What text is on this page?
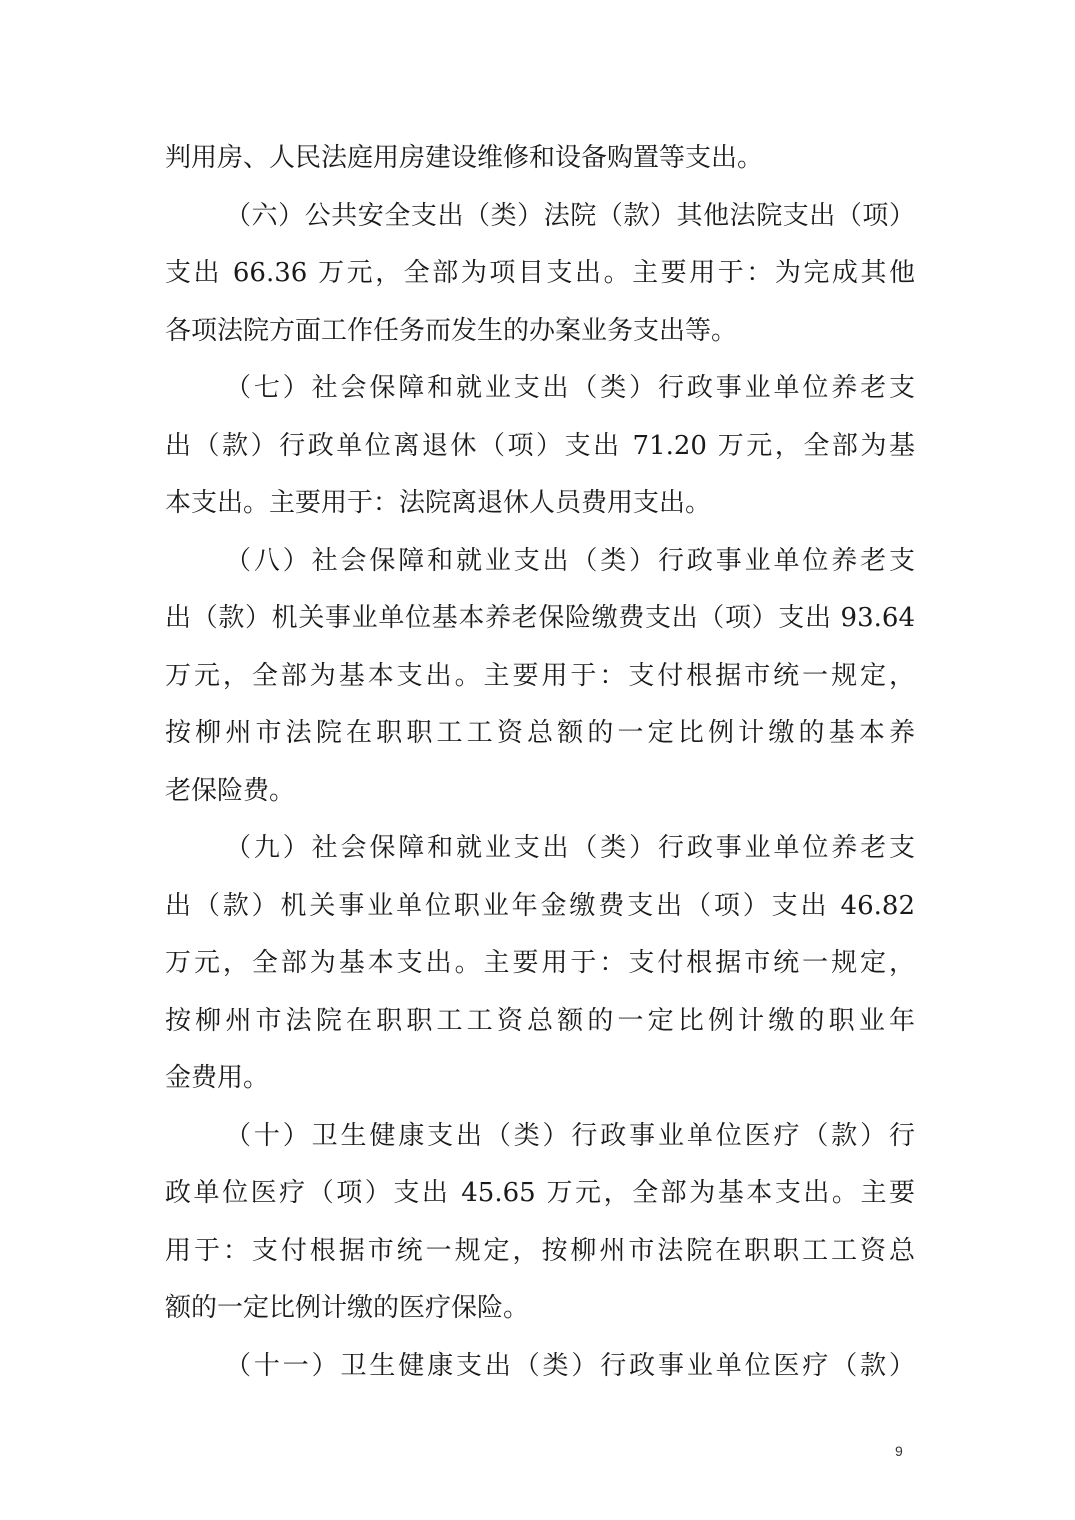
判用房、人民法庭用房建设维修和设备购置等支出。
（六）公共安全支出（类）法院（款）其他法院支出（项）
支出 66.36 万元，全部为项目支出。主要用于：为完成其他
各项法院方面工作任务而发生的办案业务支出等。
（七）社会保障和就业支出（类）行政事业单位养老支
出（款）行政单位离退休（项）支出 71.20 万元，全部为基
本支出。主要用于：法院离退休人员费用支出。
（八）社会保障和就业支出（类）行政事业单位养老支
出（款）机关事业单位基本养老保险缴费支出（项）支出 93.64
万元，全部为基本支出。主要用于：支付根据市统一规定，
按柳州市法院在职职工工资总额的一定比例计缴的基本养
老保险费。
（九）社会保障和就业支出（类）行政事业单位养老支
出（款）机关事业单位职业年金缴费支出（项）支出 46.82
万元，全部为基本支出。主要用于：支付根据市统一规定，
按柳州市法院在职职工工资总额的一定比例计缴的职业年
金费用。
（十）卫生健康支出（类）行政事业单位医疗（款）行
政单位医疗（项）支出 45.65 万元，全部为基本支出。主要
用于：支付根据市统一规定，按柳州市法院在职职工工资总
额的一定比例计缴的医疗保险。
（十一）卫生健康支出（类）行政事业单位医疗（款）
9
